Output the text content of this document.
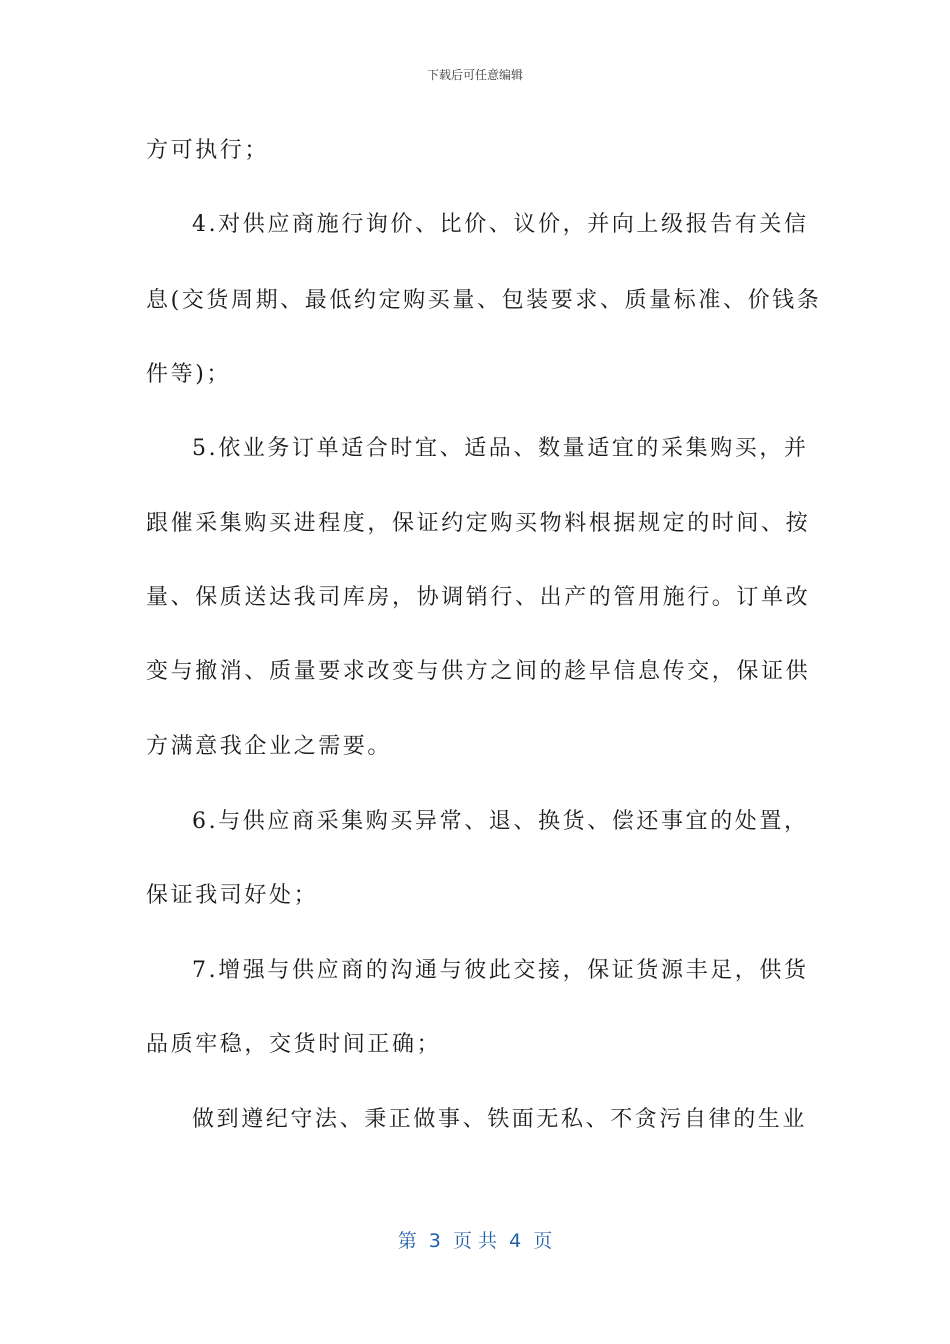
下载后可任意编辑
方可执行；
4.对供应商施行询价、比价、议价，并向上级报告有关信
息(交货周期、最低约定购买量、包装要求、质量标准、价钱条
件等)；
5.依业务订单适合时宜、适品、数量适宜的采集购买，并
跟催采集购买进程度，保证约定购买物料根据规定的时间、按
量、保质送达我司库房，协调销行、出产的管用施行。订单改
变与撤消、质量要求改变与供方之间的趁早信息传交，保证供
方满意我企业之需要。
6.与供应商采集购买异常、退、换货、偿还事宜的处置，
保证我司好处；
7.增强与供应商的沟通与彼此交接，保证货源丰足，供货
品质牢稳，交货时间正确；
做到遵纪守法、秉正做事、铁面无私、不贪污自律的生业
第  3  页 共  4  页
